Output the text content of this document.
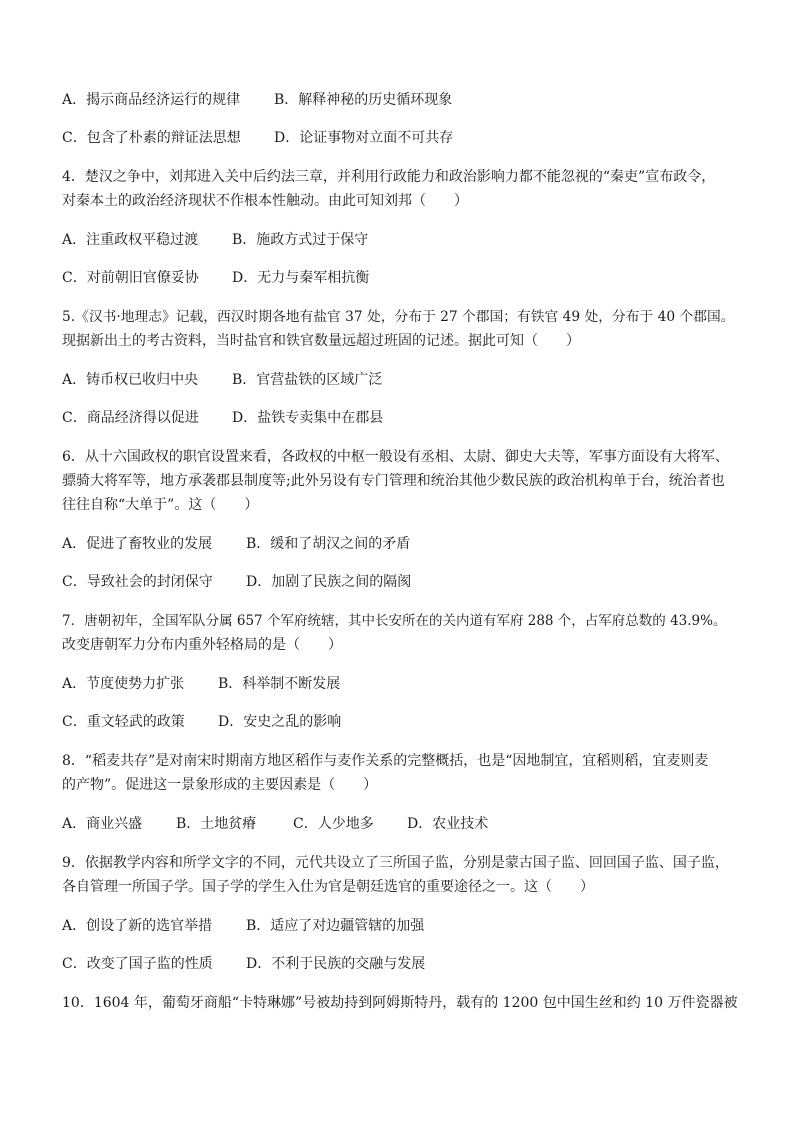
A．揭示商品经济运行的规律 B．解释神秘的历史循环现象
C．包含了朴素的辩证法思想 D．论证事物对立面不可共存
4．楚汉之争中，刘邦进入关中后约法三章，并利用行政能力和政治影响力都不能忽视的“秦吏”宣布政令，
对秦本土的政治经济现状不作根本性触动。由此可知刘邦（　　）
A．注重政权平稳过渡 B．施政方式过于保守
C．对前朝旧官僚妥协 D．无力与秦军相抗衡
5.《汉书·地理志》记载，西汉时期各地有盐官 37 处，分布于 27 个郡国；有铁官 49 处，分布于 40 个郡国。
现据新出土的考古资料，当时盐官和铁官数量远超过班固的记述。据此可知（　　）
A．铸币权已收归中央 B．官营盐铁的区域广泛
C．商品经济得以促进 D．盐铁专卖集中在郡县
6．从十六国政权的职官设置来看，各政权的中枢一般设有丞相、太尉、御史大夫等，军事方面设有大将军、
骠骑大将军等，地方承袭郡县制度等;此外另设有专门管理和统治其他少数民族的政治机构单于台，统治者也
往往自称“大单于”。这（　　）
A．促进了畜牧业的发展 B．缓和了胡汉之间的矛盾
C．导致社会的封闭保守 D．加剧了民族之间的隔阂
7．唐朝初年，全国军队分属 657 个军府统辖，其中长安所在的关内道有军府 288 个，占军府总数的 43.9%。
改变唐朝军力分布内重外轻格局的是（　　）
A．节度使势力扩张 B．科举制不断发展
C．重文轻武的政策 D．安史之乱的影响
8．“稻麦共存”是对南宋时期南方地区稻作与麦作关系的完整概括，也是“因地制宜，宜稻则稻，宜麦则麦
的产物”。促进这一景象形成的主要因素是（　　）
A．商业兴盛 B．土地贫瘠	C．人少地多 D．农业技术
9．依据教学内容和所学文字的不同，元代共设立了三所国子监，分别是蒙古国子监、回回国子监、国子监，
各自管理一所国子学。国子学的学生入仕为官是朝廷选官的重要途径之一。这（　　）
A．创设了新的选官举措 B．适应了对边疆管辖的加强
C．改变了国子监的性质 D．不利于民族的交融与发展
10．1604 年，葡萄牙商船“卡特琳娜”号被劫持到阿姆斯特丹，载有的 1200 包中国生丝和约 10 万件瓷器被
